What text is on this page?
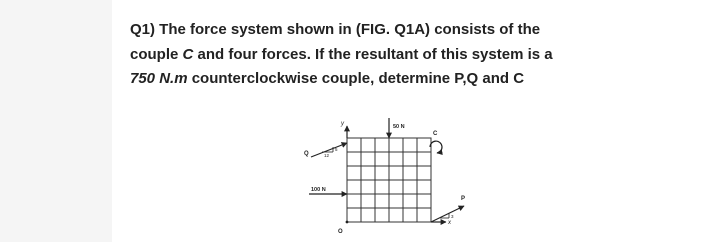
Q1) The force system shown in (FIG. Q1A) consists of the
couple C and four forces. If the resultant of this system is a
750 N.m counterclockwise couple, determine P,Q and C

y
x
O
50 N
100 N
Q
5
12
C
P
3
4
